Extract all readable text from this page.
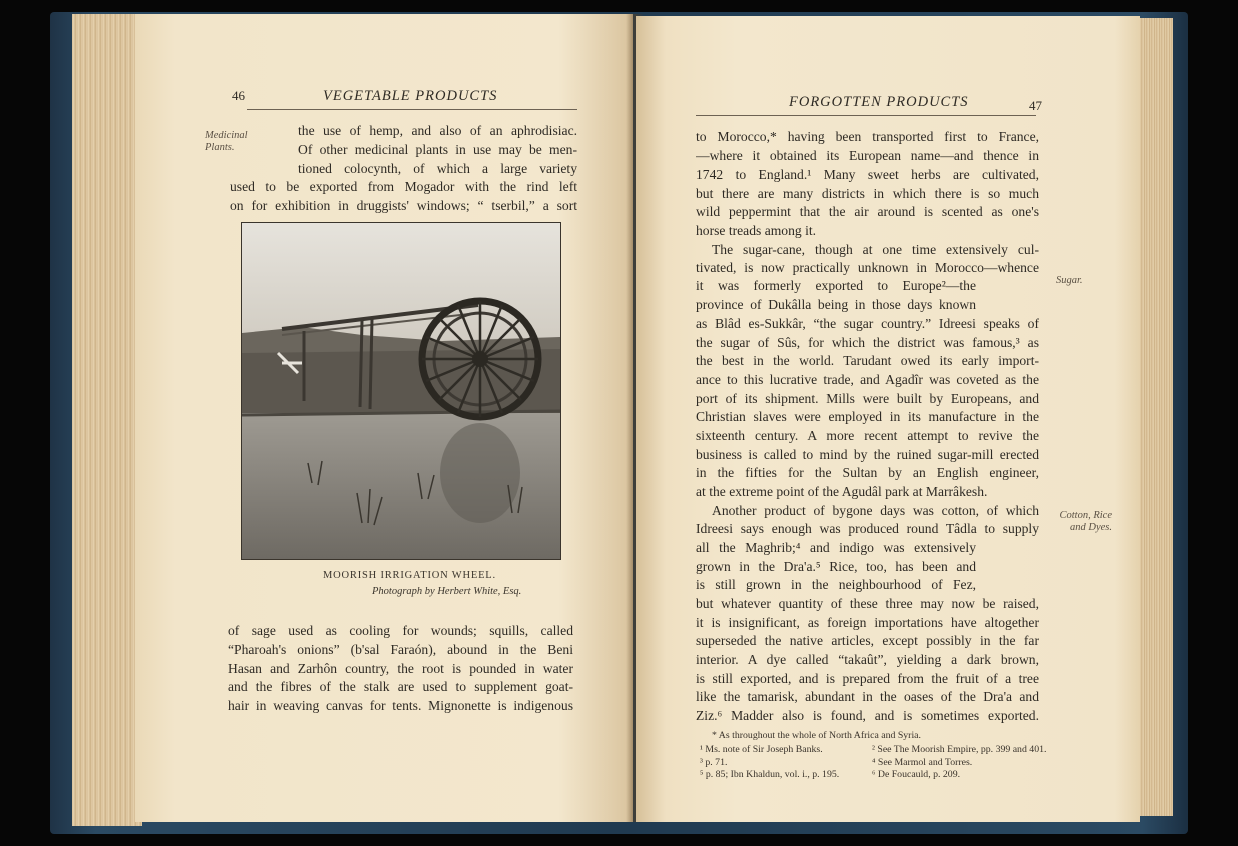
46	VEGETABLE PRODUCTS
Medicinal Plants.
the use of hemp, and also of an aphrodisiac.
Of other medicinal plants in use may be men-
tioned colocynth, of which a large variety
used to be exported from Mogador with the rind left
on for exhibition in druggists' windows; “ tserbil,” a sort
MOORISH IRRIGATION WHEEL.
Photograph by Herbert White, Esq.
of sage used as cooling for wounds; squills, called
“Pharoah's onions” (b'sal Faraón), abound in the Beni
Hasan and Zarhôn country, the root is pounded in water
and the fibres of the stalk are used to supplement goat-
hair in weaving canvas for tents. Mignonette is indigenous
FORGOTTEN PRODUCTS	47
Sugar.
Cotton, Rice and Dyes.
to Morocco,* having been transported first to France,
—where it obtained its European name—and thence in
1742 to England.¹ Many sweet herbs are cultivated,
but there are many districts in which there is so much
wild peppermint that the air around is scented as one's
horse treads among it.
The sugar-cane, though at one time extensively cul-
tivated, is now practically unknown in Morocco—whence
it was formerly exported to Europe²—the
province of Dukâlla being in those days known
as Blâd es-Sukkâr, “the sugar country.” Idreesi speaks of
the sugar of Sûs, for which the district was famous,³ as
the best in the world. Tarudant owed its early import-
ance to this lucrative trade, and Agadîr was coveted as the
port of its shipment. Mills were built by Europeans, and
Christian slaves were employed in its manufacture in the
sixteenth century. A more recent attempt to revive the
business is called to mind by the ruined sugar-mill erected
in the fifties for the Sultan by an English engineer,
at the extreme point of the Agudâl park at Marrâkesh.
Another product of bygone days was cotton, of which
Idreesi says enough was produced round Tâdla to supply
all the Maghrib;⁴ and indigo was extensively
grown in the Dra'a.⁵ Rice, too, has been and
is still grown in the neighbourhood of Fez,
but whatever quantity of these three may now be raised,
it is insignificant, as foreign importations have altogether
superseded the native articles, except possibly in the far
interior. A dye called “takaût”, yielding a dark brown,
is still exported, and is prepared from the fruit of a tree
like the tamarisk, abundant in the oases of the Dra'a and
Ziz.⁶ Madder also is found, and is sometimes exported.
* As throughout the whole of North Africa and Syria.
¹ Ms. note of Sir Joseph Banks.
³ p. 71.
⁵ p. 85; Ibn Khaldun, vol. i., p. 195.
² See The Moorish Empire, pp. 399 and 401.
⁴ See Marmol and Torres.
⁶ De Foucauld, p. 209.
